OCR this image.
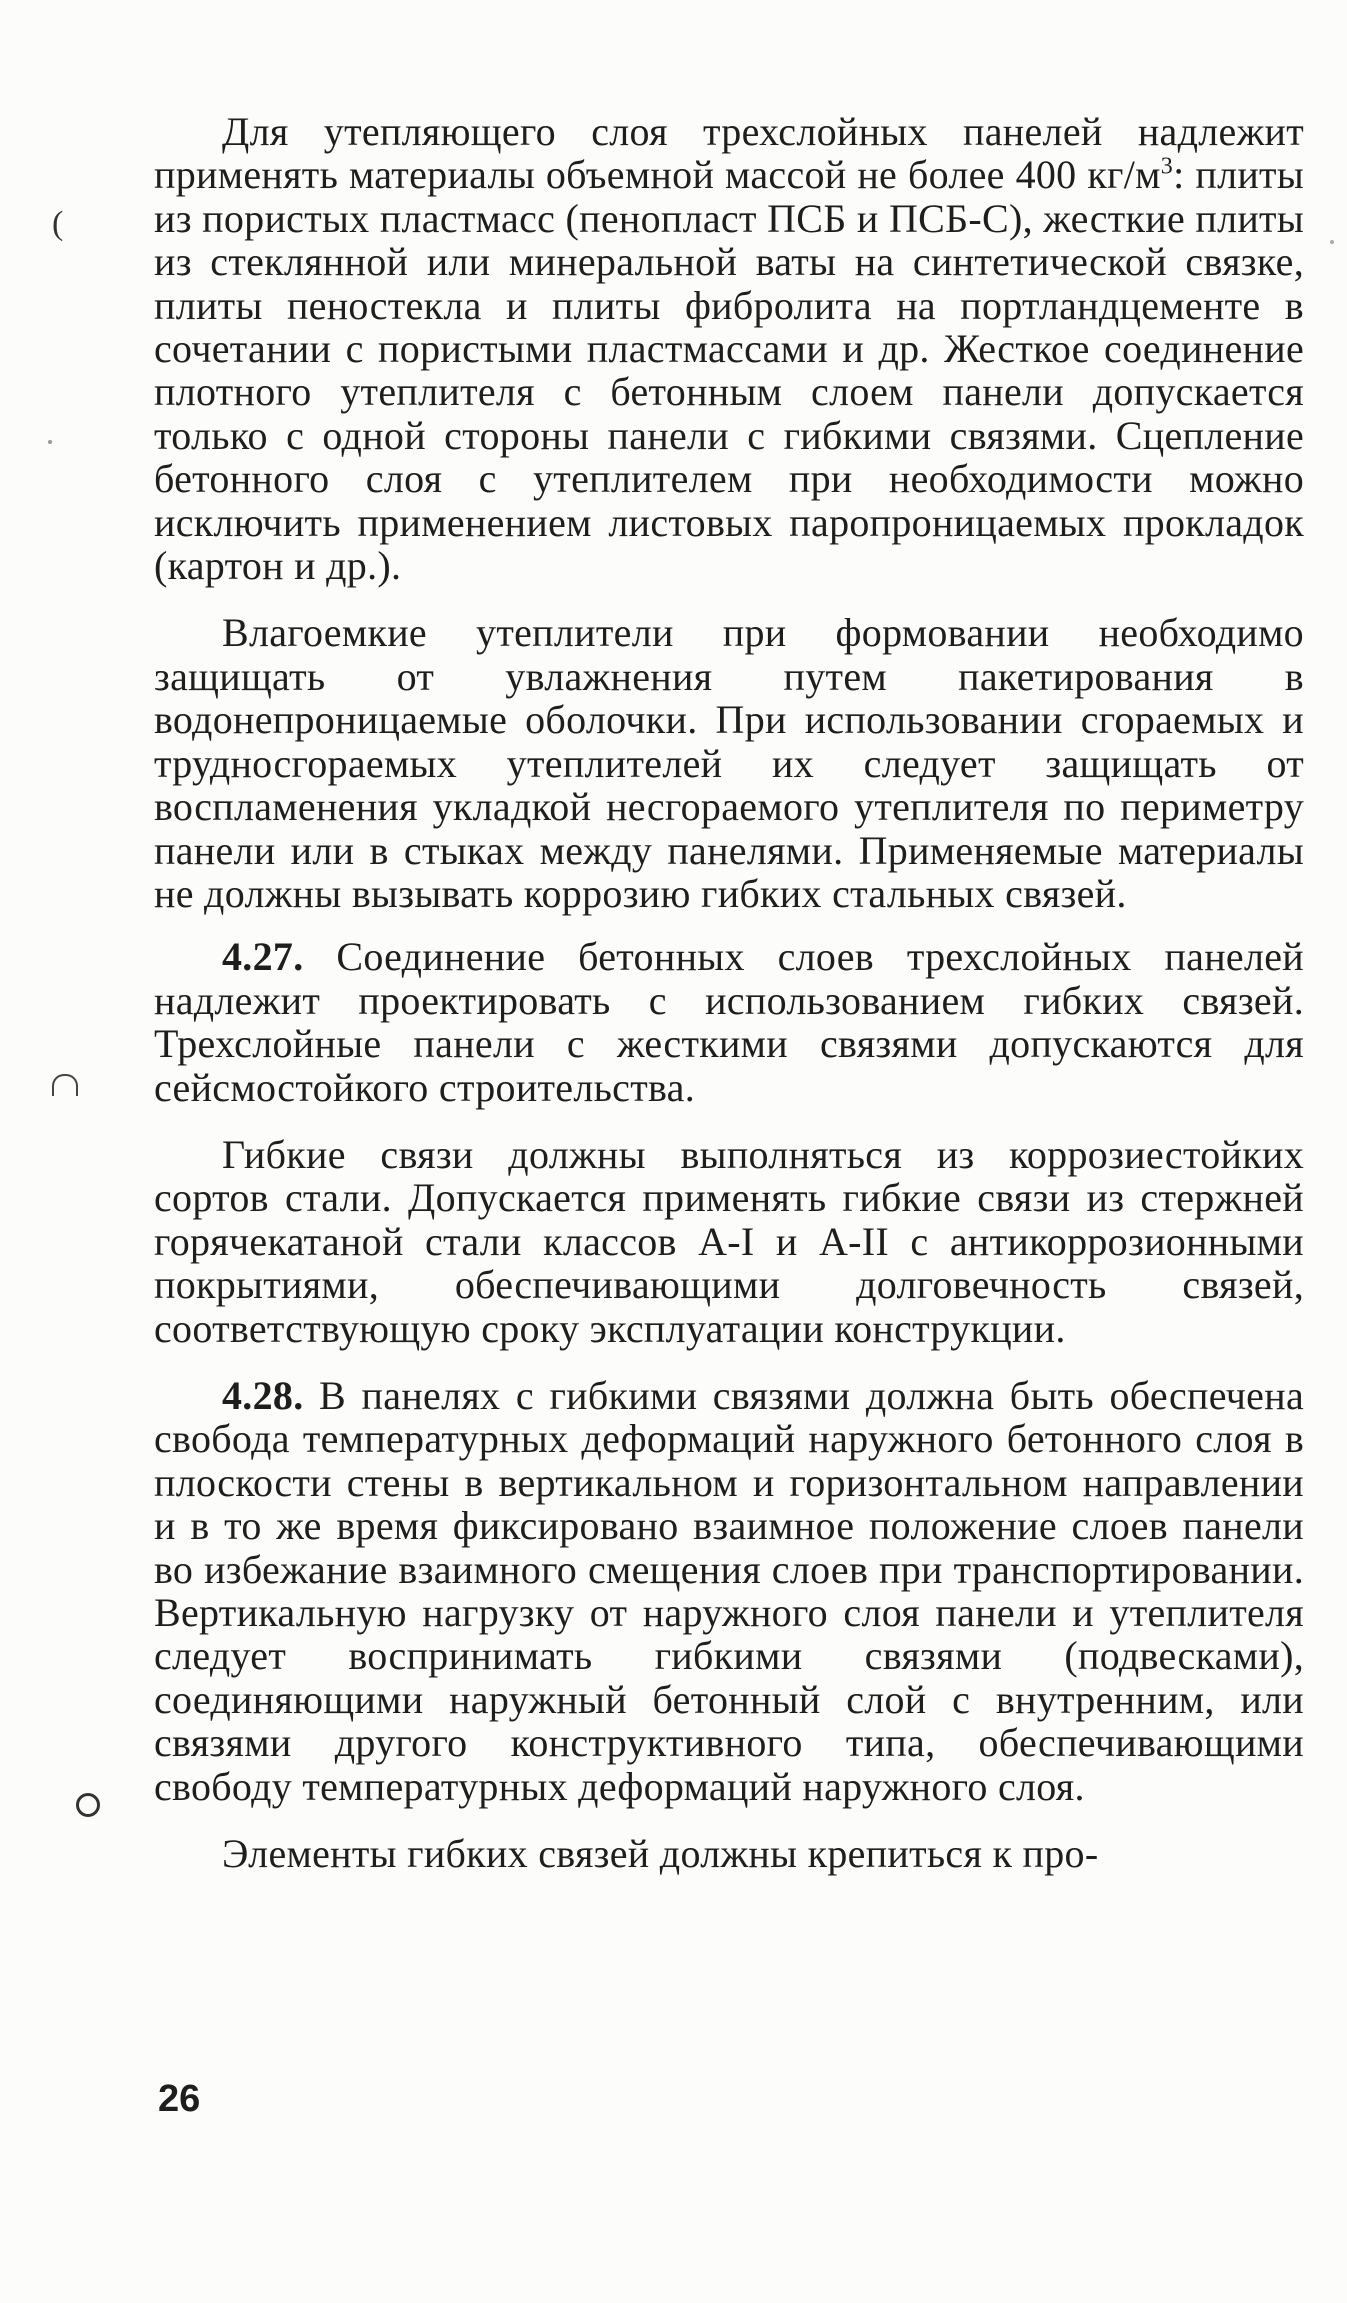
(

Для утепляющего слоя трехслойных панелей надлежит применять материалы объемной массой не более 400 $кг/м^3$: плиты из пористых пластмасс (пенопласт ПСБ и ПСБ-С), жесткие плиты из стеклянной или минеральной ваты на синтетической связке, плиты пеностекла и плиты фибролита на портландцементе в сочетании с пористыми пластмассами и др. Жесткое соединение плотного утеплителя с бетонным слоем панели допускается только с одной стороны панели с гибкими связями. Сцепление бетонного слоя с утеплителем при необходимости можно исключить применением листовых паропроницаемых прокладок (картон и др.).

Влагоемкие утеплители при формовании необходимо защищать от увлажнения путем пакетирования в водонепроницаемые оболочки. При использовании сгораемых и трудносгораемых утеплителей их следует защищать от воспламенения укладкой несгораемого утеплителя по периметру панели или в стыках между панелями. Применяемые материалы не должны вызывать коррозию гибких стальных связей.

4.27. Соединение бетонных слоев трехслойных панелей надлежит проектировать с использованием гибких связей. Трехслойные панели с жесткими связями допускаются для сейсмостойкого строительства.

Гибкие связи должны выполняться из коррозиестойких сортов стали. Допускается применять гибкие связи из стержней горячекатаной стали классов А-I и А-II с антикоррозионными покрытиями, обеспечивающими долговечность связей, соответствующую сроку эксплуатации конструкции.

4.28. В панелях с гибкими связями должна быть обеспечена свобода температурных деформаций наружного бетонного слоя в плоскости стены в вертикальном и горизонтальном направлении и в то же время фиксировано взаимное положение слоев панели во избежание взаимного смещения слоев при транспортировании. Вертикальную нагрузку от наружного слоя панели и утеплителя следует воспринимать гибкими связями (подвесками), соединяющими наружный бетонный слой с внутренним, или связями другого конструктивного типа, обеспечивающими свободу температурных деформаций наружного слоя.

Элементы гибких связей должны крепиться к про-

26
